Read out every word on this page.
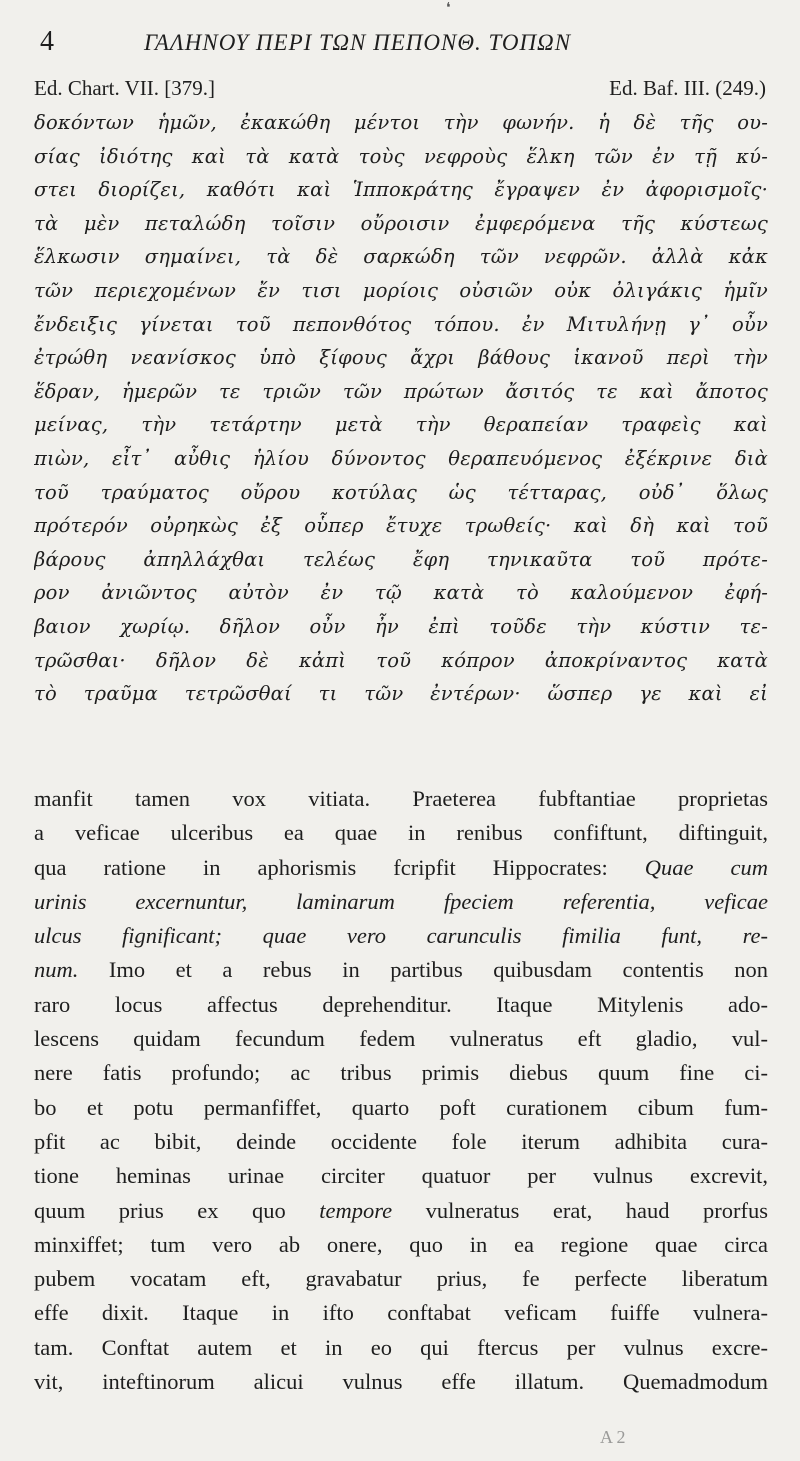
❛
4	ΓΑΛΗΝΟΥ ΠΕΡΙ ΤΩΝ ΠΕΠΟΝΘ. ΤΟΠΩΝ
Ed. Chart. VII. [379.]	Ed. Baf. III. (249.)
δοκόντων ἡμῶν, ἐκακώθη μέντοι τὴν φωνήν. ἡ δὲ τῆς ου-
σίας ἰδιότης καὶ τὰ κατὰ τοὺς νεφροὺς ἕλκη τῶν ἐν τῇ κύ-
στει διορίζει, καθότι καὶ Ἱπποκράτης ἔγραψεν ἐν ἀφορισμοῖς·
τὰ μὲν πεταλώδη τοῖσιν οὔροισιν ἐμφερόμενα τῆς κύστεως
ἕλκωσιν σημαίνει, τὰ δὲ σαρκώδη τῶν νεφρῶν. ἀλλὰ κἀκ
τῶν περιεχομένων ἔν τισι μορίοις οὐσιῶν οὐκ ὀλιγάκις ἡμῖν
ἔνδειξις γίνεται τοῦ πεπονθότος τόπου. ἐν Μιτυλήνῃ γ᾽ οὖν
ἐτρώθη νεανίσκος ὑπὸ ξίφους ἄχρι βάθους ἱκανοῦ περὶ τὴν
ἕδραν, ἡμερῶν τε τριῶν τῶν πρώτων ἄσιτός τε καὶ ἄποτος
μείνας, τὴν τετάρτην μετὰ τὴν θεραπείαν τραφεὶς καὶ
πιὼν, εἶτ᾽ αὖθις ἡλίου δύνοντος θεραπευόμενος ἐξέκρινε διὰ
τοῦ τραύματος οὔρου κοτύλας ὡς τέτταρας, οὐδ᾽ ὅλως
πρότερόν οὐρηκὼς ἐξ οὗπερ ἔτυχε τρωθείς· καὶ δὴ καὶ τοῦ
βάρους ἀπηλλάχθαι τελέως ἔφη τηνικαῦτα τοῦ πρότε-
ρον ἀνιῶντος αὐτὸν ἐν τῷ κατὰ τὸ καλούμενον ἐφή-
βαιον χωρίῳ. δῆλον οὖν ἦν ἐπὶ τοῦδε τὴν κύστιν τε-
τρῶσθαι· δῆλον δὲ κἀπὶ τοῦ κόπρον ἀποκρίναντος κατὰ
τὸ τραῦμα τετρῶσθαί τι τῶν ἐντέρων· ὥσπερ γε καὶ εἰ
manfit tamen vox vitiata. Praeterea fubftantiae proprietas
a veficae ulceribus ea quae in renibus confiftunt, diftinguit,
qua ratione in aphorismis fcripfit Hippocrates: Quae cum
urinis excernuntur, laminarum fpeciem referentia, veficae
ulcus fignificant; quae vero carunculis fimilia funt, re-
num. Imo et a rebus in partibus quibusdam contentis non
raro locus affectus deprehenditur. Itaque Mitylenis ado-
lescens quidam fecundum fedem vulneratus eft gladio, vul-
nere fatis profundo; ac tribus primis diebus quum fine ci-
bo et potu permanfiffet, quarto poft curationem cibum fum-
pfit ac bibit, deinde occidente fole iterum adhibita cura-
tione heminas urinae circiter quatuor per vulnus excrevit,
quum prius ex quo tempore vulneratus erat, haud prorfus
minxiffet; tum vero ab onere, quo in ea regione quae circa
pubem vocatam eft, gravabatur prius, fe perfecte liberatum
effe dixit. Itaque in ifto conftabat veficam fuiffe vulnera-
tam. Conftat autem et in eo qui ftercus per vulnus excre-
vit, inteftinorum alicui vulnus effe illatum. Quemadmodum
A 2
